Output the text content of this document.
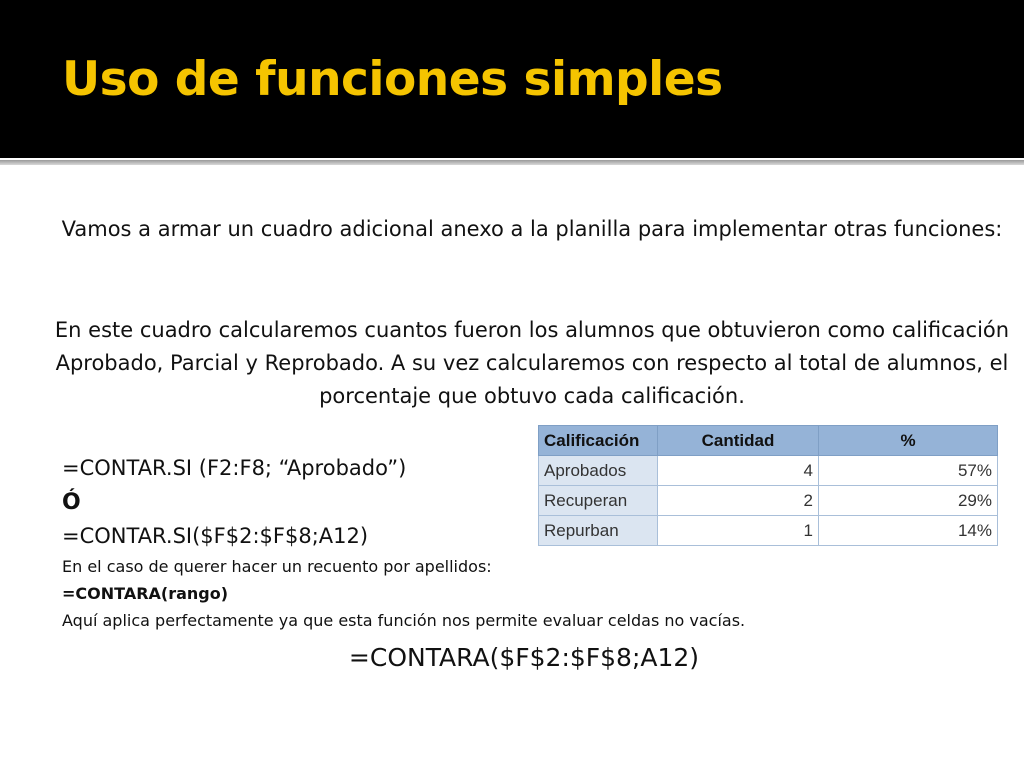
Uso de funciones simples
Vamos a armar un cuadro adicional anexo a la planilla para implementar otras funciones:
En este cuadro calcularemos cuantos fueron los alumnos que obtuvieron como calificación Aprobado, Parcial y Reprobado. A su vez calcularemos con respecto al total de alumnos, el porcentaje que obtuvo cada calificación.
Calificación	Cantidad	%
Aprobados	4	57%
Recuperan	2	29%
Repurban	1	14%
=CONTAR.SI (F2:F8; “Aprobado”)
Ó
=CONTAR.SI($F$2:$F$8;A12)
En el caso de querer hacer un recuento por apellidos:
=CONTARA(rango)
Aquí aplica perfectamente ya que esta función nos permite evaluar celdas no vacías.
=CONTARA($F$2:$F$8;A12)
